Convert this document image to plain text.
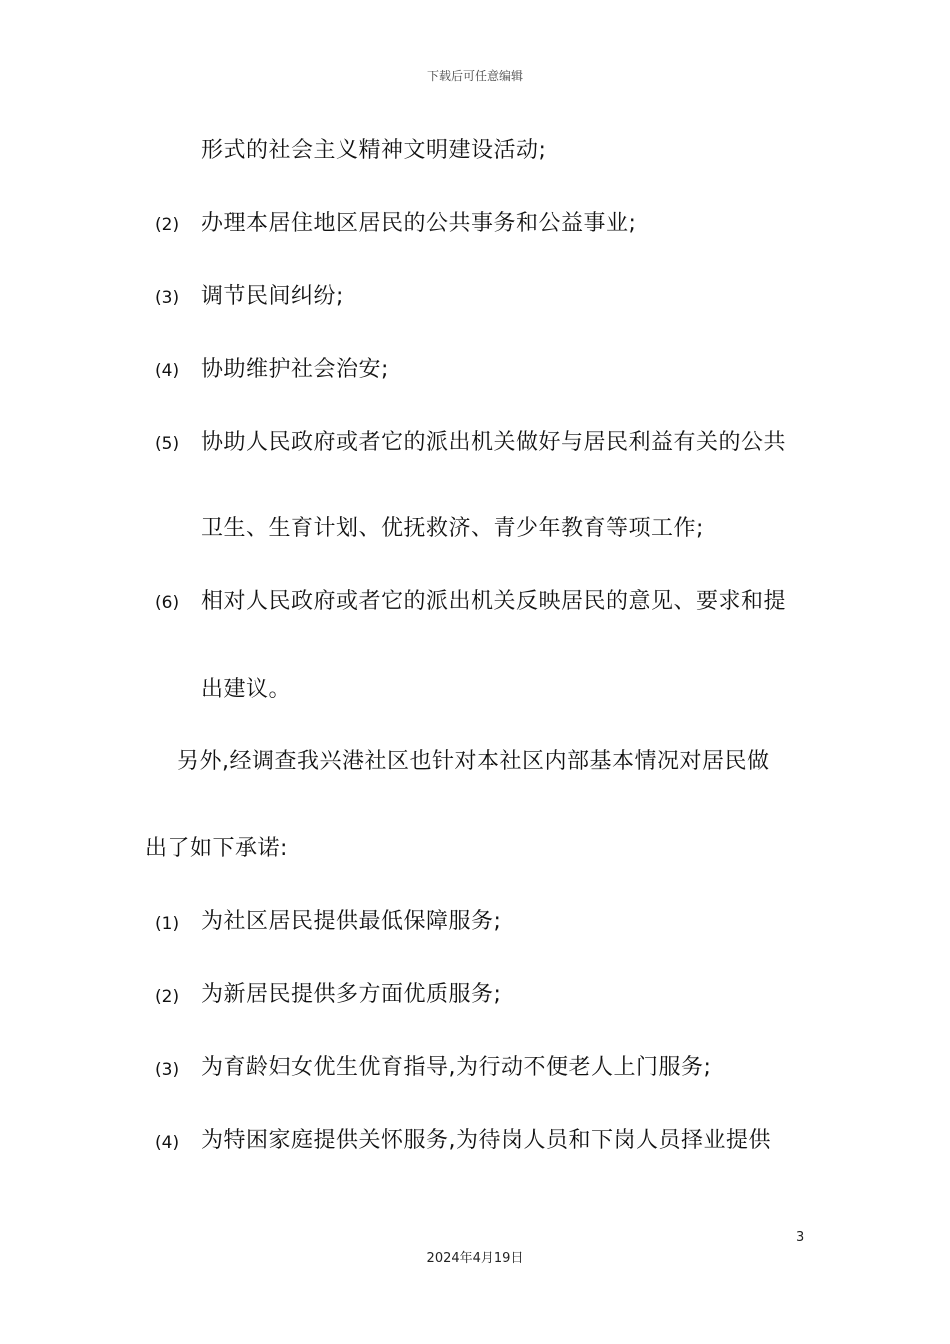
下载后可任意编辑
形式的社会主义精神文明建设活动;
(2) 办理本居住地区居民的公共事务和公益事业;
(3) 调节民间纠纷;
(4) 协助维护社会治安;
(5) 协助人民政府或者它的派出机关做好与居民利益有关的公共
卫生、生育计划、优抚救济、青少年教育等项工作;
(6) 相对人民政府或者它的派出机关反映居民的意见、要求和提
出建议。
另外,经调查我兴港社区也针对本社区内部基本情况对居民做
出了如下承诺:
(1) 为社区居民提供最低保障服务;
(2) 为新居民提供多方面优质服务;
(3) 为育龄妇女优生优育指导,为行动不便老人上门服务;
(4) 为特困家庭提供关怀服务,为待岗人员和下岗人员择业提供
3
2024年4月19日
